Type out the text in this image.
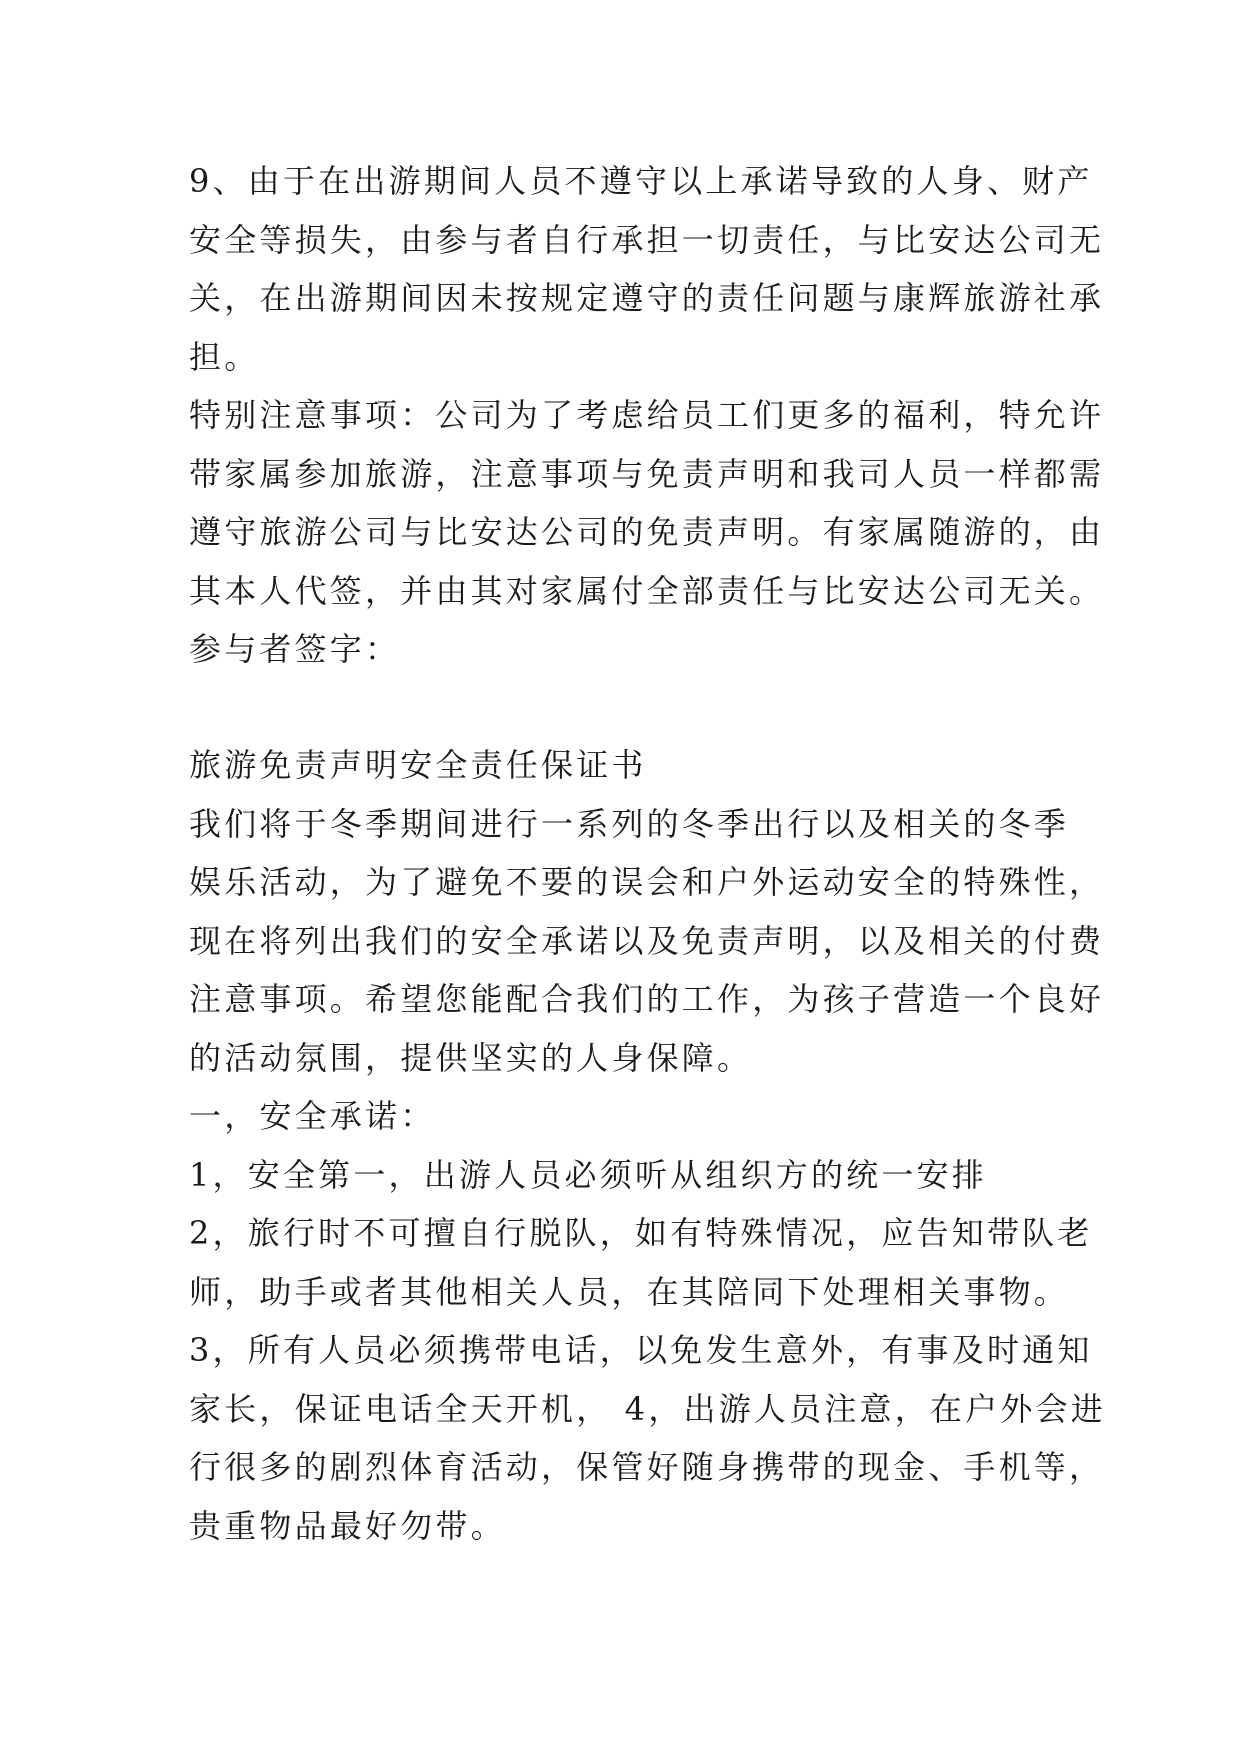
9、由于在出游期间人员不遵守以上承诺导致的人身、财产
安全等损失，由参与者自行承担一切责任，与比安达公司无
关，在出游期间因未按规定遵守的责任问题与康辉旅游社承
担。
特别注意事项：公司为了考虑给员工们更多的福利，特允许
带家属参加旅游，注意事项与免责声明和我司人员一样都需
遵守旅游公司与比安达公司的免责声明。有家属随游的，由
其本人代签，并由其对家属付全部责任与比安达公司无关。
参与者签字：
旅游免责声明安全责任保证书
我们将于冬季期间进行一系列的冬季出行以及相关的冬季
娱乐活动，为了避免不要的误会和户外运动安全的特殊性，
现在将列出我们的安全承诺以及免责声明，以及相关的付费
注意事项。希望您能配合我们的工作，为孩子营造一个良好
的活动氛围，提供坚实的人身保障。
一，安全承诺：
1，安全第一，出游人员必须听从组织方的统一安排
2，旅行时不可擅自行脱队，如有特殊情况，应告知带队老
师，助手或者其他相关人员，在其陪同下处理相关事物。
3，所有人员必须携带电话，以免发生意外，有事及时通知
家长，保证电话全天开机， 4，出游人员注意，在户外会进
行很多的剧烈体育活动，保管好随身携带的现金、手机等，
贵重物品最好勿带。
